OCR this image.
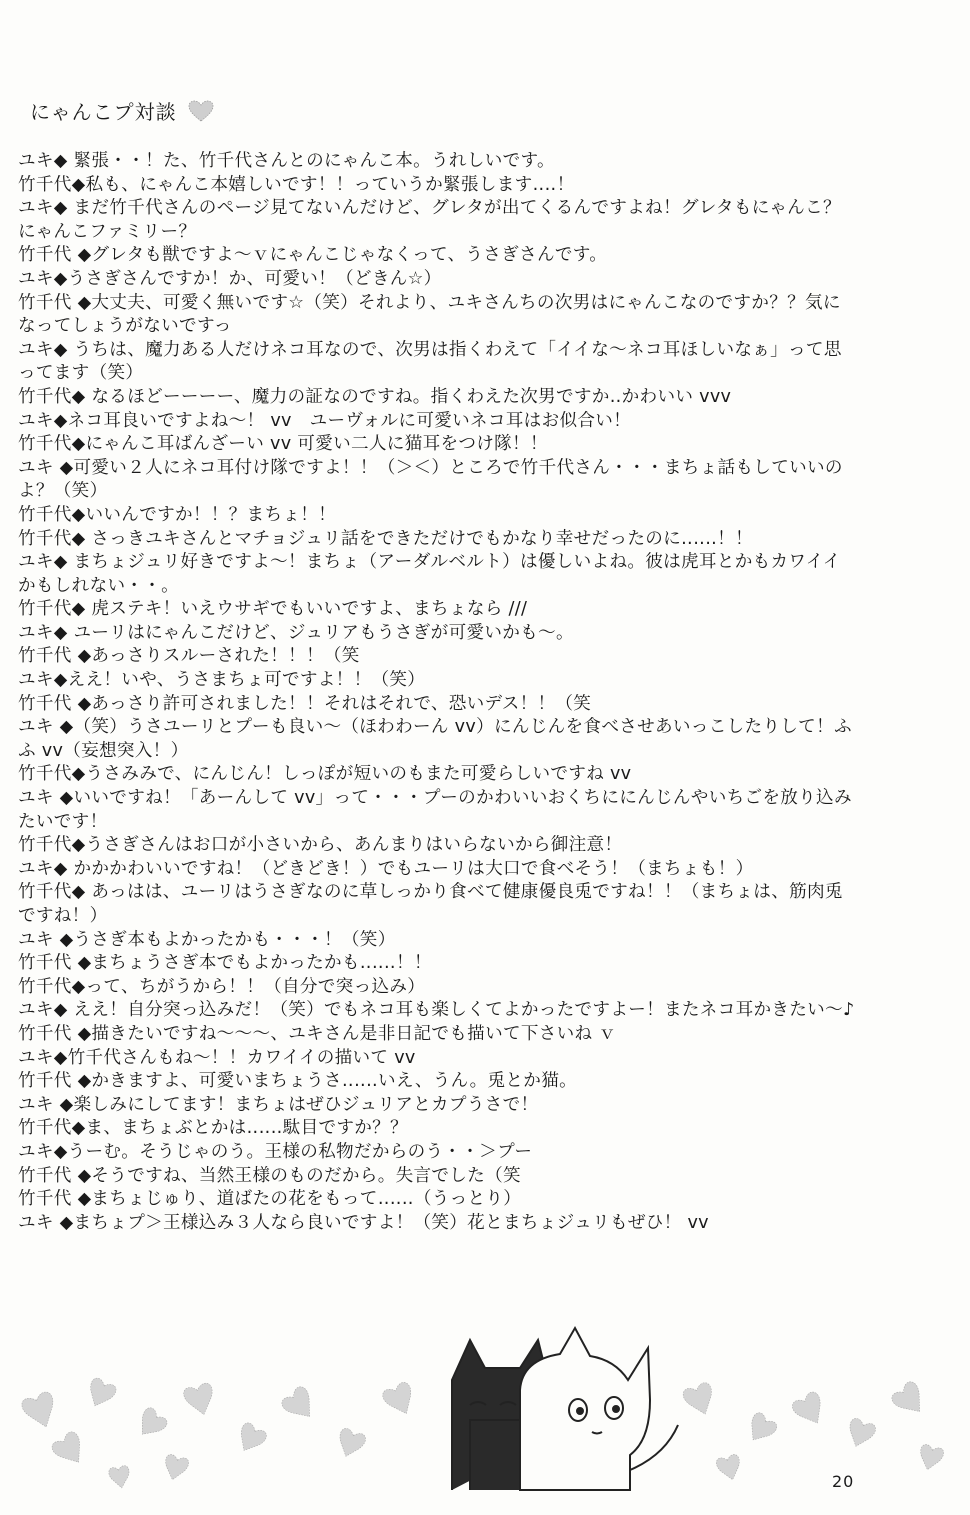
にゃんこプ対談
ユキ◆ 緊張・・！た、竹千代さんとのにゃんこ本。うれしいです。
竹千代◆私も、にゃんこ本嬉しいです！！っていうか緊張します‥‥！
ユキ◆ まだ竹千代さんのページ見てないんだけど、グレタが出てくるんですよね！グレタもにゃんこ？
にゃんこファミリー？
竹千代 ◆グレタも獣ですよ～ｖにゃんこじゃなくって、うさぎさんです。
ユキ◆うさぎさんですか！か、可愛い！（どきん☆）
竹千代 ◆大丈夫、可愛く無いです☆（笑）それより、ユキさんちの次男はにゃんこなのですか？？気に
なってしょうがないですっ
ユキ◆ うちは、魔力ある人だけネコ耳なので、次男は指くわえて「イイな～ネコ耳ほしいなぁ」って思
ってます（笑）
竹千代◆ なるほどーーーー、魔力の証なのですね。指くわえた次男ですか‥かわいい vvv
ユキ◆ネコ耳良いですよね～！ vv　ユーヴォルに可愛いネコ耳はお似合い！
竹千代◆にゃんこ耳ばんざーい vv 可愛い二人に猫耳をつけ隊！！
ユキ ◆可愛い２人にネコ耳付け隊ですよ！！（＞＜）ところで竹千代さん・・・まちょ話もしていいの
よ？（笑）
竹千代◆いいんですか！！？まちょ！！
竹千代◆ さっきユキさんとマチョジュリ話をできただけでもかなり幸せだったのに‥‥‥！！
ユキ◆ まちょジュリ好きですよ～！まちょ（アーダルベルト）は優しいよね。彼は虎耳とかもカワイイ
かもしれない・・。
竹千代◆ 虎ステキ！いえウサギでもいいですよ、まちょなら ///
ユキ◆ ユーリはにゃんこだけど、ジュリアもうさぎが可愛いかも～。
竹千代 ◆あっさりスルーされた！！！（笑
ユキ◆ええ！いや、うさまちょ可ですよ！！（笑）
竹千代 ◆あっさり許可されました！！それはそれで、恐いデス！！（笑
ユキ ◆（笑）うさユーリとプーも良い～（ほわわーん vv）にんじんを食べさせあいっこしたりして！ふ
ふ vv（妄想突入！）
竹千代◆うさみみで、にんじん！しっぽが短いのもまた可愛らしいですね vv
ユキ ◆いいですね！「あーんして vv」って・・・プーのかわいいおくちににんじんやいちごを放り込み
たいです！
竹千代◆うさぎさんはお口が小さいから、あんまりはいらないから御注意！
ユキ◆ かかかわいいですね！（どきどき！）でもユーリは大口で食べそう！（まちょも！）
竹千代◆ あっはは、ユーリはうさぎなのに草しっかり食べて健康優良兎ですね！！（まちょは、筋肉兎
ですね！）
ユキ ◆うさぎ本もよかったかも・・・！（笑）
竹千代 ◆まちょうさぎ本でもよかったかも‥‥‥！！
竹千代◆って、ちがうから！！（自分で突っ込み）
ユキ◆ ええ！自分突っ込みだ！（笑）でもネコ耳も楽しくてよかったですよー！またネコ耳かきたい～♪
竹千代 ◆描きたいですね～～～、ユキさん是非日記でも描いて下さいね ｖ
ユキ◆竹千代さんもね～！！カワイイの描いて vv
竹千代 ◆かきますよ、可愛いまちょうさ‥‥‥いえ、うん。兎とか猫。
ユキ ◆楽しみにしてます！まちょはぜひジュリアとカプうさで！
竹千代◆ま、まちょぶとかは‥‥‥駄目ですか？？
ユキ◆うーむ。そうじゃのう。王様の私物だからのう・・＞プー
竹千代 ◆そうですね、当然王様のものだから。失言でした（笑
竹千代 ◆まちょじゅり、道ばたの花をもって‥‥‥（うっとり）
ユキ ◆まちょプ＞王様込み３人なら良いですよ！（笑）花とまちょジュリもぜひ！ vv
20
